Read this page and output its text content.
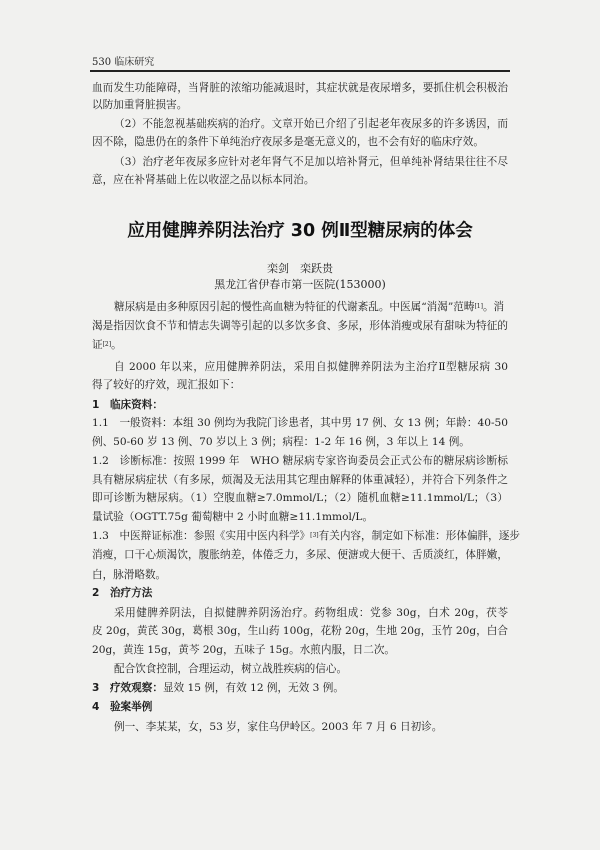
530 临床研究
血而发生功能障碍，当肾脏的浓缩功能减退时，其症状就是夜尿增多，要抓住机会积极治
以防加重肾脏损害。
（2）不能忽视基础疾病的治疗。文章开始已介绍了引起老年夜尿多的许多诱因，而
因不除，隐患仍在的条件下单纯治疗夜尿多是毫无意义的，也不会有好的临床疗效。
（3）治疗老年夜尿多应针对老年肾气不足加以培补肾元，但单纯补肾结果往往不尽
意，应在补肾基础上佐以收涩之品以标本同治。
应用健脾养阴法治疗 30 例Ⅱ型糖尿病的体会
栾剑　栾跃贵
黑龙江省伊春市第一医院(153000)
糖尿病是由多种原因引起的慢性高血糖为特征的代谢紊乱。中医属“消渴”范畴[1]。消
渴是指因饮食不节和情志失调等引起的以多饮多食、多尿，形体消瘦或尿有甜味为特征的
证[2]。
自 2000 年以来，应用健脾养阴法，采用自拟健脾养阴法为主治疗Ⅱ型糖尿病 30
得了较好的疗效，现汇报如下：
1　临床资料：
1.1　一般资料：本组 30 例均为我院门诊患者，其中男 17 例、女 13 例；年龄：40-50
例、50-60 岁 13 例、70 岁以上 3 例；病程：1-2 年 16 例，3 年以上 14 例。
1.2　诊断标准：按照 1999 年　WHO 糖尿病专家咨询委员会正式公布的糖尿病诊断标
具有糖尿病症状（有多尿，烦渴及无法用其它理由解释的体重减轻），并符合下列条件之
即可诊断为糖尿病。（1）空腹血糖≥7.0mmol/L；（2）随机血糖≥11.1mmol/L；（3）
量试验（OGTT.75g 葡萄糖中 2 小时血糖≥11.1mmol/L。
1.3　中医辩证标准：参照《实用中医内科学》[3] 有关内容，制定如下标准：形体偏胖，逐步
消瘦，口干心烦渴饮，腹胀纳差，体倦乏力，多尿、便溏或大便干、舌质淡红，体胖嫩，
白，脉滑略数。
2　治疗方法
采用健脾养阴法，自拟健脾养阴汤治疗。药物组成：党参 30g，白术 20g，茯苓
皮 20g，黄芪 30g，葛根 30g，生山药 100g，花粉 20g，生地 20g，玉竹 20g，白合
20g，黄连 15g，黄芩 20g，五味子 15g。水煎内服，日二次。
配合饮食控制，合理运动，树立战胜疾病的信心。
3　疗效观察：显效 15 例，有效 12 例，无效 3 例。
4　验案举例
例一、李某某，女，53 岁，家住乌伊岭区。2003 年 7 月 6 日初诊。
